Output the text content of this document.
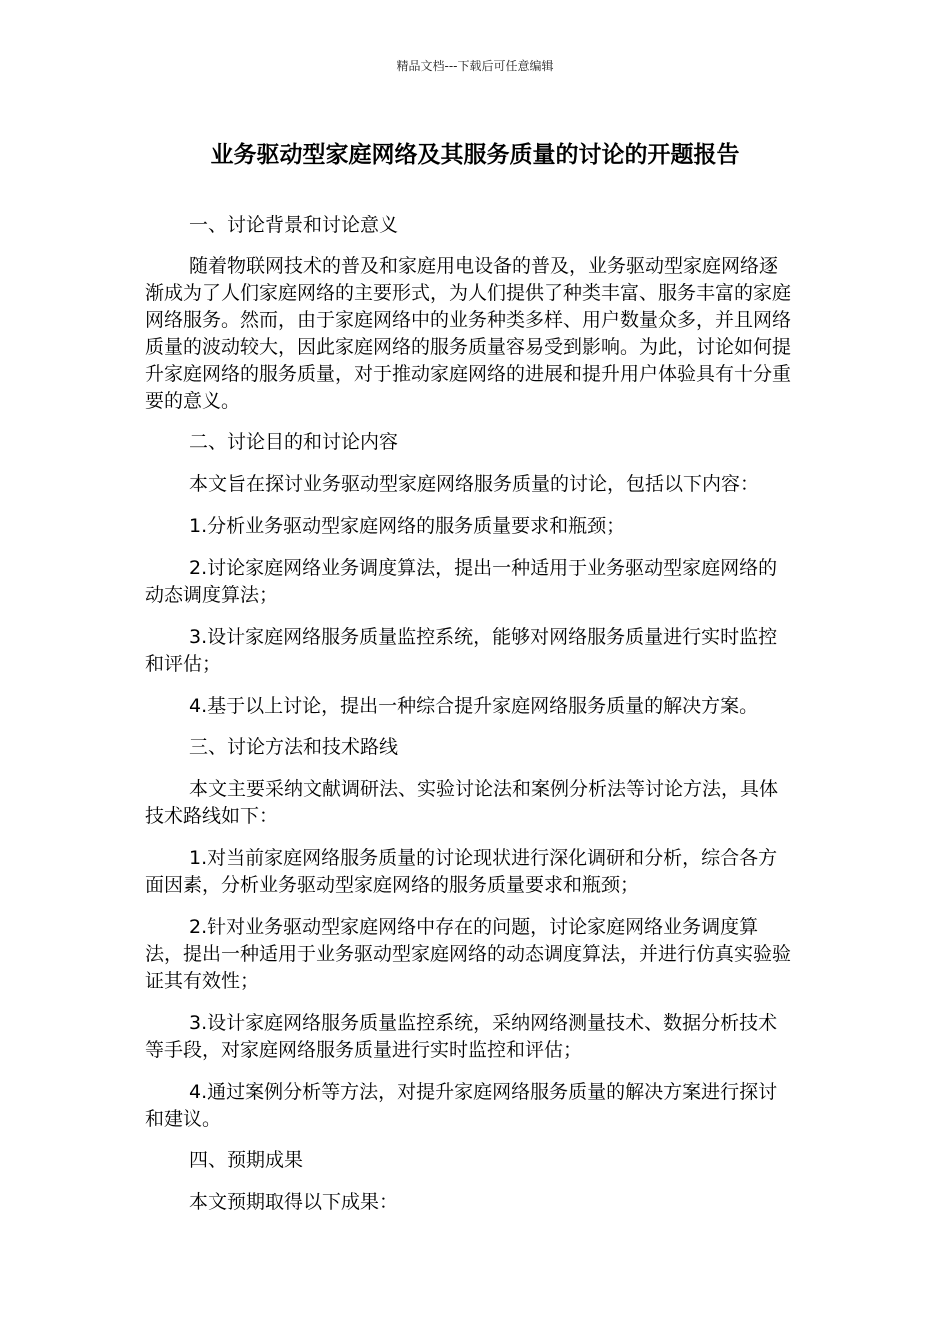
精品文档---下载后可任意编辑
业务驱动型家庭网络及其服务质量的讨论的开题报告

一、讨论背景和讨论意义

随着物联网技术的普及和家庭用电设备的普及，业务驱动型家庭网络逐渐成为了人们家庭网络的主要形式，为人们提供了种类丰富、服务丰富的家庭网络服务。然而，由于家庭网络中的业务种类多样、用户数量众多，并且网络质量的波动较大，因此家庭网络的服务质量容易受到影响。为此，讨论如何提升家庭网络的服务质量，对于推动家庭网络的进展和提升用户体验具有十分重要的意义。

二、讨论目的和讨论内容

本文旨在探讨业务驱动型家庭网络服务质量的讨论，包括以下内容：

1.分析业务驱动型家庭网络的服务质量要求和瓶颈；

2.讨论家庭网络业务调度算法，提出一种适用于业务驱动型家庭网络的动态调度算法；

3.设计家庭网络服务质量监控系统，能够对网络服务质量进行实时监控和评估；

4.基于以上讨论，提出一种综合提升家庭网络服务质量的解决方案。

三、讨论方法和技术路线

本文主要采纳文献调研法、实验讨论法和案例分析法等讨论方法，具体技术路线如下：

1.对当前家庭网络服务质量的讨论现状进行深化调研和分析，综合各方面因素，分析业务驱动型家庭网络的服务质量要求和瓶颈；

2.针对业务驱动型家庭网络中存在的问题，讨论家庭网络业务调度算法，提出一种适用于业务驱动型家庭网络的动态调度算法，并进行仿真实验验证其有效性；

3.设计家庭网络服务质量监控系统，采纳网络测量技术、数据分析技术等手段，对家庭网络服务质量进行实时监控和评估；

4.通过案例分析等方法，对提升家庭网络服务质量的解决方案进行探讨和建议。

四、预期成果

本文预期取得以下成果：
